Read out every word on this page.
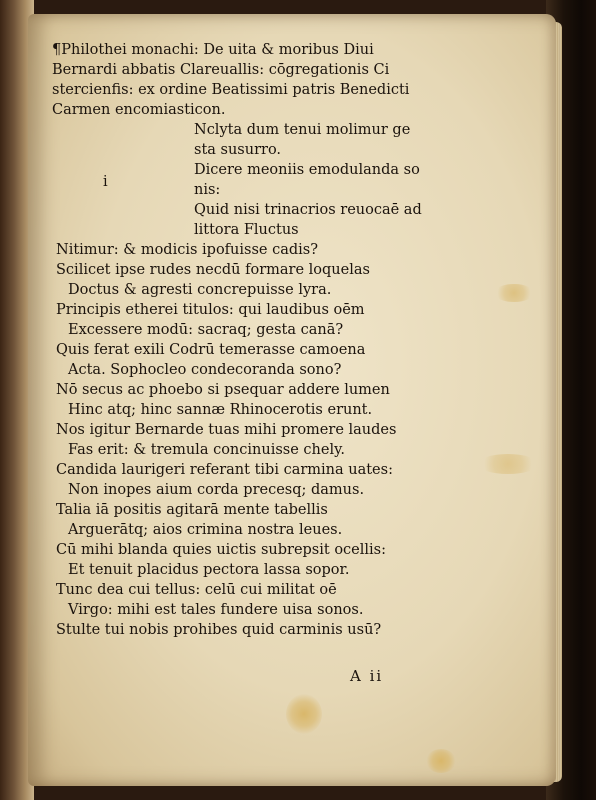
i
¶Philothei monachi: De uita & moribus Diui
Bernardi abbatis Clareuallis: cōgregationis Ci
stercienfis: ex ordine Beatissimi patris Benedicti
Carmen encomiasticon.
Nclyta dum tenui molimur ge
sta susurro.
Dicere meoniis emodulanda so
nis:
Quid nisi trinacrios reuocaē ad
littora Fluctus
Nitimur: & modicis ipofuisse cadis?
Scilicet ipse rudes necdū formare loquelas
Doctus & agresti concrepuisse lyra.
Principis etherei titulos: qui laudibus oēm
Excessere modū: sacraq; gesta canā?
Quis ferat exili Codrū temerasse camoena
Acta. Sophocleo condecoranda sono?
Nō secus ac phoebo si psequar addere lumen
Hinc atq; hinc sannæ Rhinocerotis erunt.
Nos igitur Bernarde tuas mihi promere laudes
Fas erit: & tremula concinuisse chely.
Candida laurigeri referant tibi carmina uates:
Non inopes aium corda precesq; damus.
Talia iā positis agitarā mente tabellis
Arguerātq; aios crimina nostra leues.
Cū mihi blanda quies uictis subrepsit ocellis:
Et tenuit placidus pectora lassa sopor.
Tunc dea cui tellus: celū cui militat oē
Virgo: mihi est tales fundere uisa sonos.
Stulte tui nobis prohibes quid carminis usū?
A ii
